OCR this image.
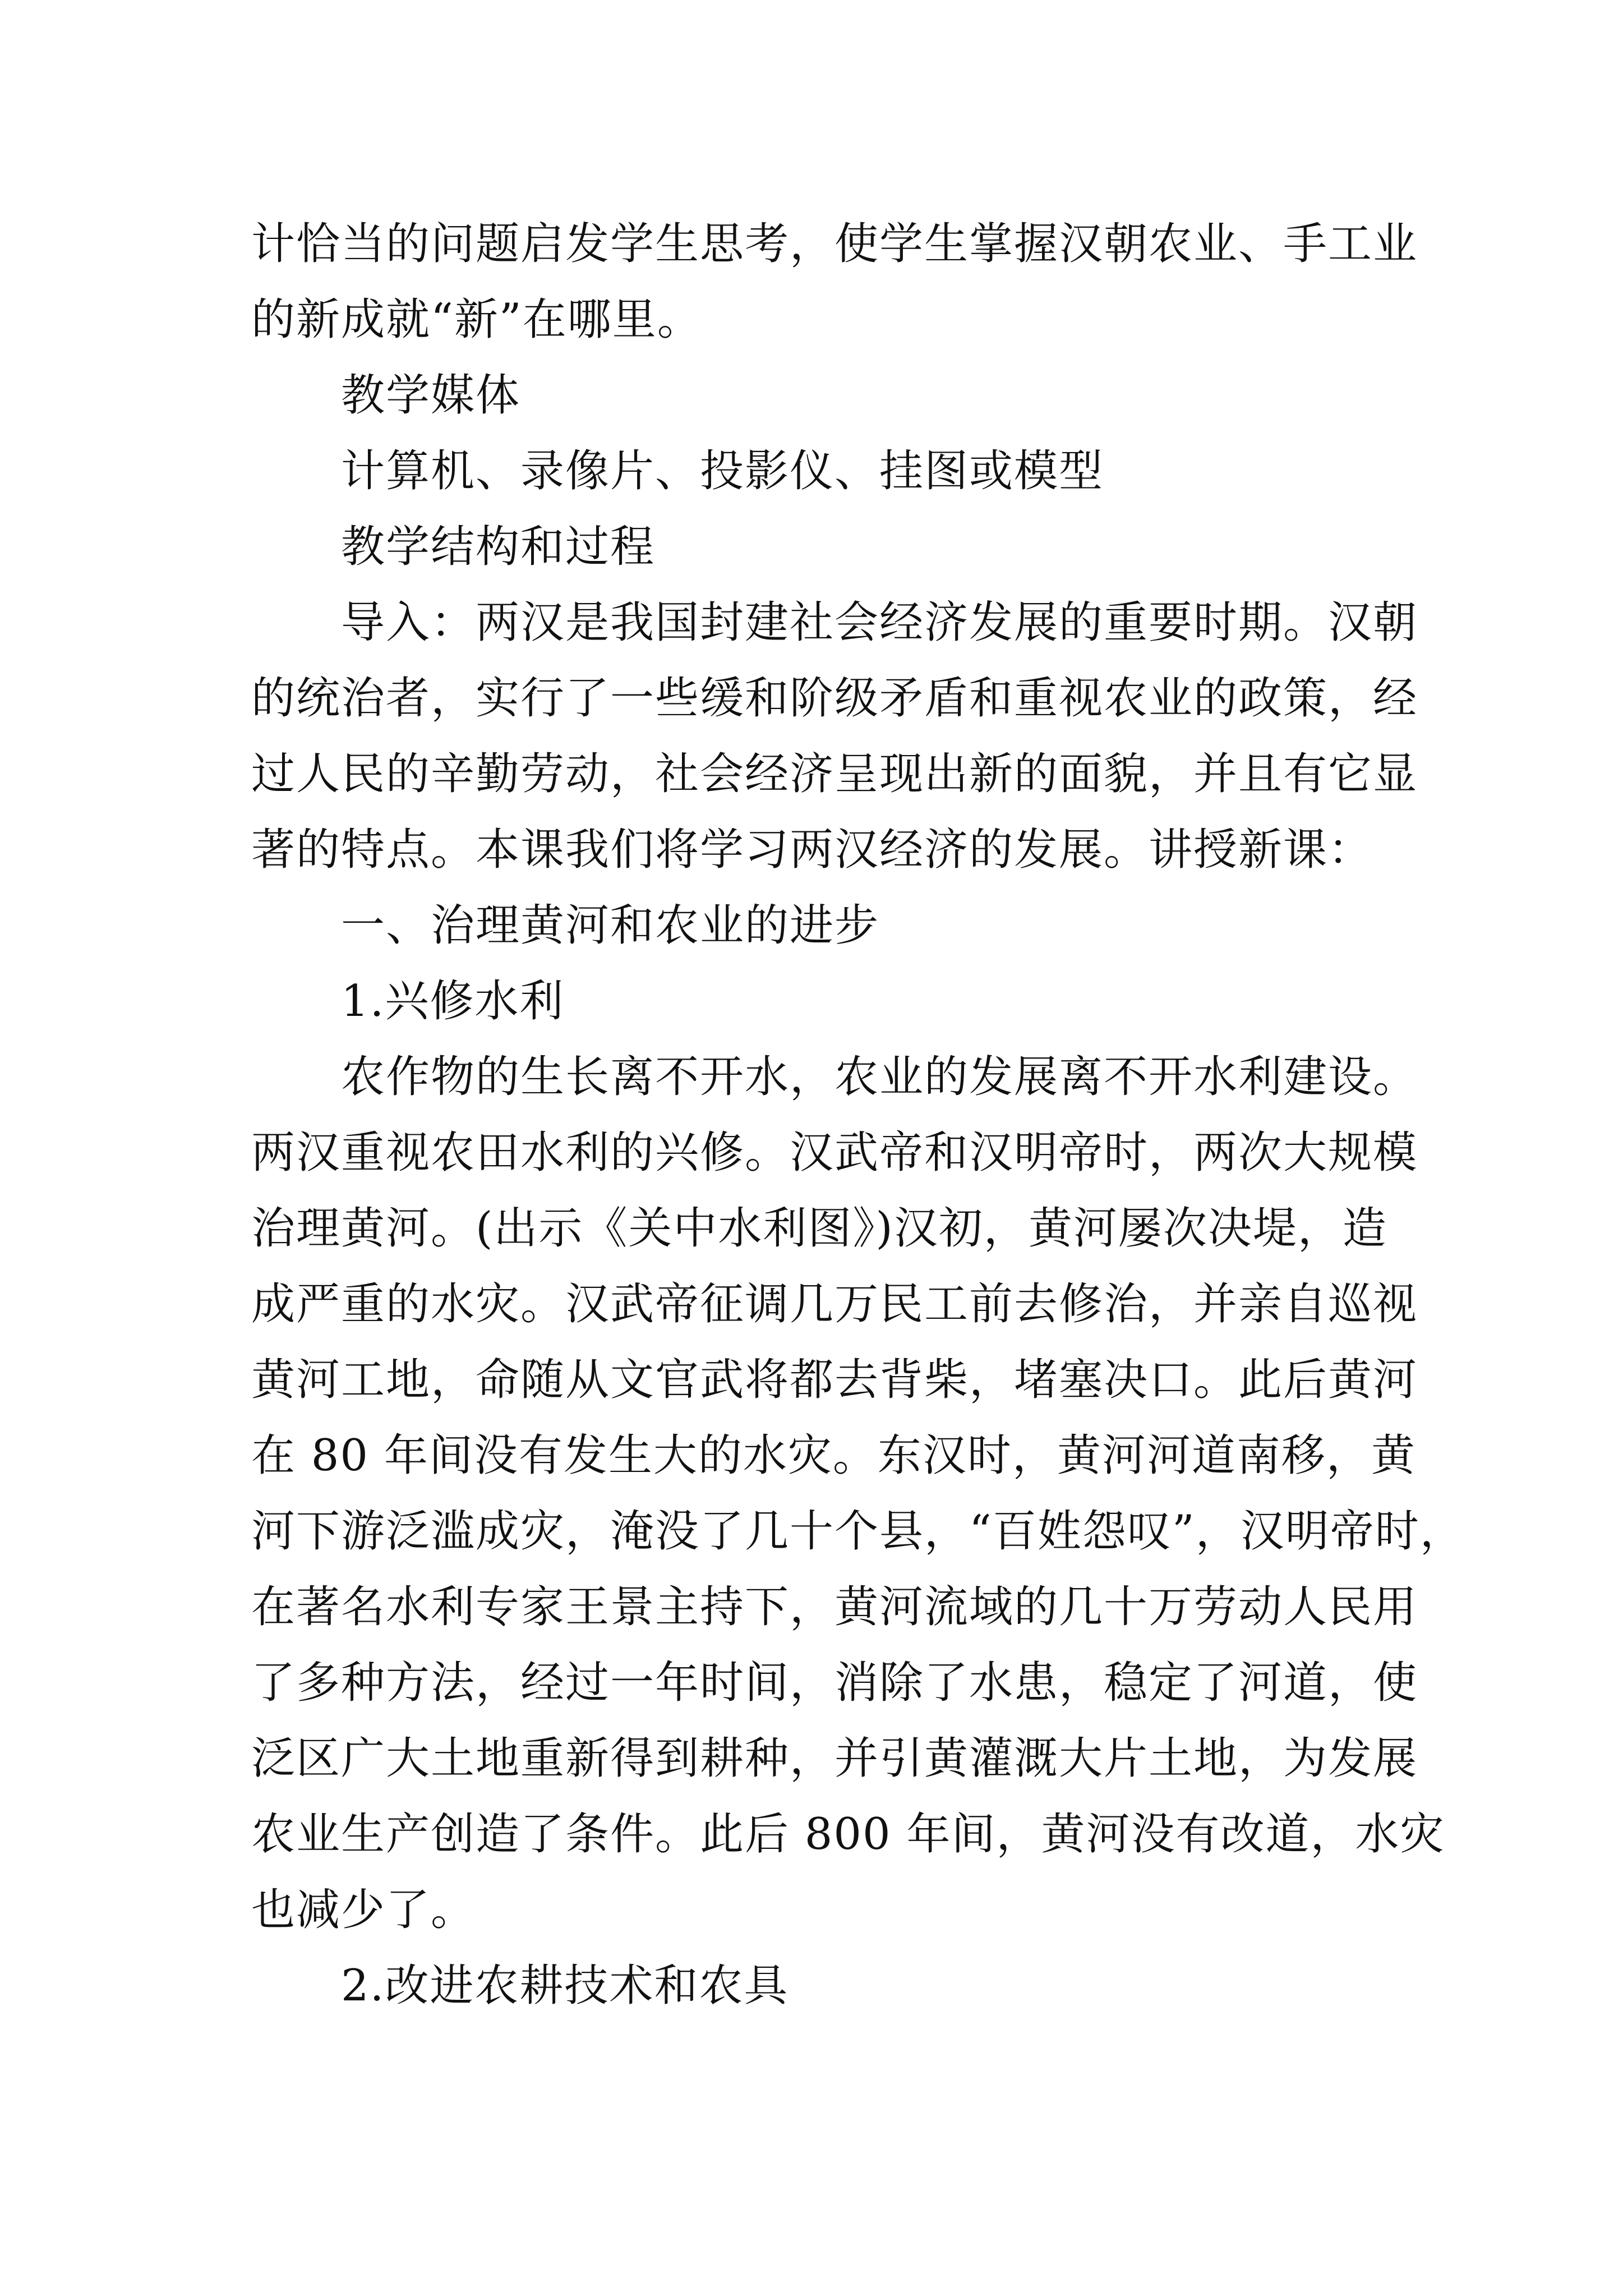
计恰当的问题启发学生思考，使学生掌握汉朝农业、手工业
的新成就“新”在哪里。
教学媒体
计算机、录像片、投影仪、挂图或模型
教学结构和过程
导入：两汉是我国封建社会经济发展的重要时期。汉朝
的统治者，实行了一些缓和阶级矛盾和重视农业的政策，经
过人民的辛勤劳动，社会经济呈现出新的面貌，并且有它显
著的特点。本课我们将学习两汉经济的发展。讲授新课：
一、治理黄河和农业的进步
1.兴修水利
农作物的生长离不开水，农业的发展离不开水利建设。
两汉重视农田水利的兴修。汉武帝和汉明帝时，两次大规模
治理黄河。(出示《关中水利图》)汉初，黄河屡次决堤，造
成严重的水灾。汉武帝征调几万民工前去修治，并亲自巡视
黄河工地，命随从文官武将都去背柴，堵塞决口。此后黄河
在 80 年间没有发生大的水灾。东汉时，黄河河道南移，黄
河下游泛滥成灾，淹没了几十个县，“百姓怨叹”，汉明帝时，
在著名水利专家王景主持下，黄河流域的几十万劳动人民用
了多种方法，经过一年时间，消除了水患，稳定了河道，使
泛区广大土地重新得到耕种，并引黄灌溉大片土地，为发展
农业生产创造了条件。此后 800 年间，黄河没有改道，水灾
也减少了。
2.改进农耕技术和农具
